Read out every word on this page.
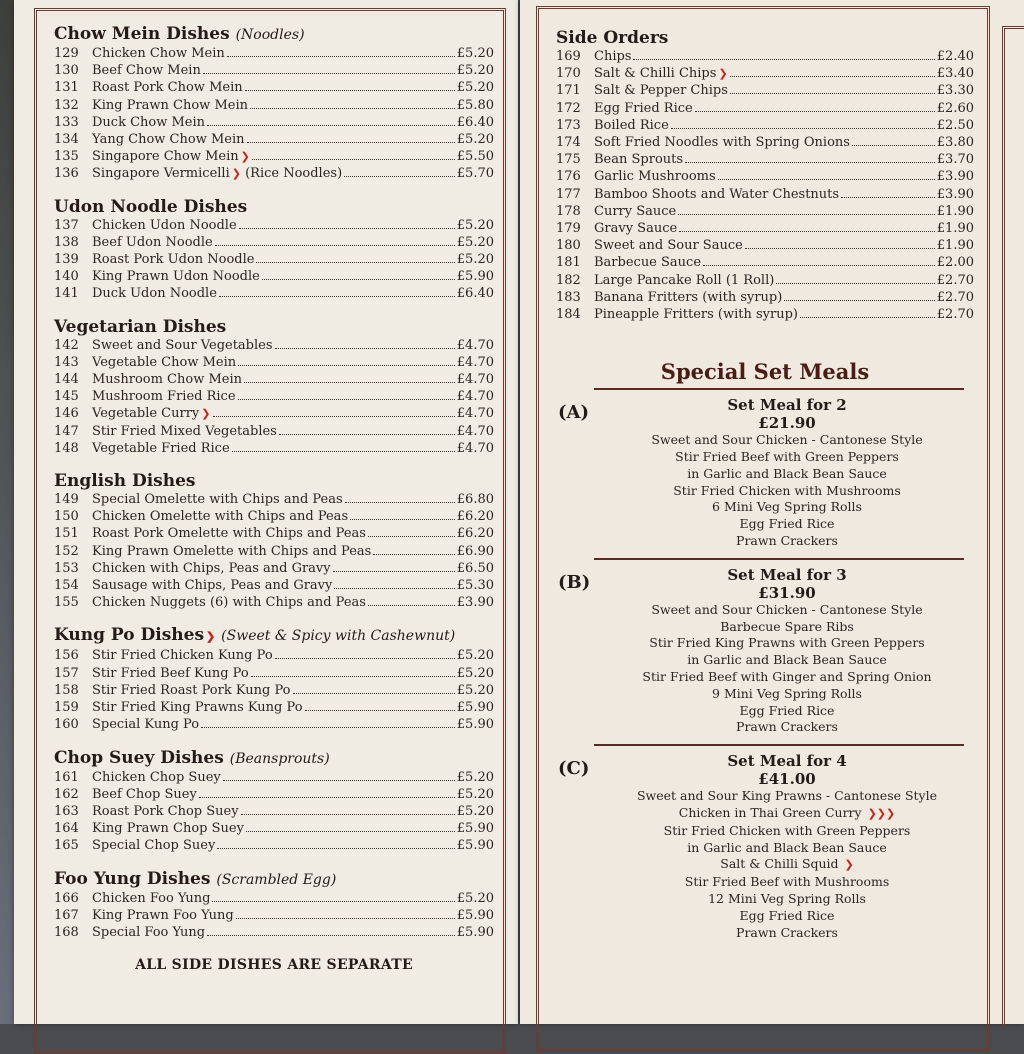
Chow Mein Dishes (Noodles)
129	Chicken Chow Mein	£5.20
130	Beef Chow Mein	£5.20
131	Roast Pork Chow Mein	£5.20
132	King Prawn Chow Mein	£5.80
133	Duck Chow Mein	£6.40
134	Yang Chow Chow Mein	£5.20
135	Singapore Chow Mein ❯	£5.50
136	Singapore Vermicelli ❯ (Rice Noodles)	£5.70
Udon Noodle Dishes
137	Chicken Udon Noodle	£5.20
138	Beef Udon Noodle	£5.20
139	Roast Pork Udon Noodle	£5.20
140	King Prawn Udon Noodle	£5.90
141	Duck Udon Noodle	£6.40
Vegetarian Dishes
142	Sweet and Sour Vegetables	£4.70
143	Vegetable Chow Mein	£4.70
144	Mushroom Chow Mein	£4.70
145	Mushroom Fried Rice	£4.70
146	Vegetable Curry ❯	£4.70
147	Stir Fried Mixed Vegetables	£4.70
148	Vegetable Fried Rice	£4.70
English Dishes
149	Special Omelette with Chips and Peas	£6.80
150	Chicken Omelette with Chips and Peas	£6.20
151	Roast Pork Omelette with Chips and Peas	£6.20
152	King Prawn Omelette with Chips and Peas	£6.90
153	Chicken with Chips, Peas and Gravy	£6.50
154	Sausage with Chips, Peas and Gravy	£5.30
155	Chicken Nuggets (6) with Chips and Peas	£3.90
Kung Po Dishes ❯ (Sweet & Spicy with Cashewnut)
156	Stir Fried Chicken Kung Po	£5.20
157	Stir Fried Beef Kung Po	£5.20
158	Stir Fried Roast Pork Kung Po	£5.20
159	Stir Fried King Prawns Kung Po	£5.90
160	Special Kung Po	£5.90
Chop Suey Dishes (Beansprouts)
161	Chicken Chop Suey	£5.20
162	Beef Chop Suey	£5.20
163	Roast Pork Chop Suey	£5.20
164	King Prawn Chop Suey	£5.90
165	Special Chop Suey	£5.90
Foo Yung Dishes (Scrambled Egg)
166	Chicken Foo Yung	£5.20
167	King Prawn Foo Yung	£5.90
168	Special Foo Yung	£5.90
ALL SIDE DISHES ARE SEPARATE
Side Orders
169	Chips	£2.40
170	Salt & Chilli Chips ❯	£3.40
171	Salt & Pepper Chips	£3.30
172	Egg Fried Rice	£2.60
173	Boiled Rice	£2.50
174	Soft Fried Noodles with Spring Onions	£3.80
175	Bean Sprouts	£3.70
176	Garlic Mushrooms	£3.90
177	Bamboo Shoots and Water Chestnuts	£3.90
178	Curry Sauce	£1.90
179	Gravy Sauce	£1.90
180	Sweet and Sour Sauce	£1.90
181	Barbecue Sauce	£2.00
182	Large Pancake Roll (1 Roll)	£2.70
183	Banana Fritters (with syrup)	£2.70
184	Pineapple Fritters (with syrup)	£2.70
Special Set Meals
(A)	Set Meal for 2
£21.90
Sweet and Sour Chicken - Cantonese Style
Stir Fried Beef with Green Peppers
in Garlic and Black Bean Sauce
Stir Fried Chicken with Mushrooms
6 Mini Veg Spring Rolls
Egg Fried Rice
Prawn Crackers
(B)	Set Meal for 3
£31.90
Sweet and Sour Chicken - Cantonese Style
Barbecue Spare Ribs
Stir Fried King Prawns with Green Peppers
in Garlic and Black Bean Sauce
Stir Fried Beef with Ginger and Spring Onion
9 Mini Veg Spring Rolls
Egg Fried Rice
Prawn Crackers
(C)	Set Meal for 4
£41.00
Sweet and Sour King Prawns - Cantonese Style
Chicken in Thai Green Curry ❯❯❯
Stir Fried Chicken with Green Peppers
in Garlic and Black Bean Sauce
Salt & Chilli Squid ❯
Stir Fried Beef with Mushrooms
12 Mini Veg Spring Rolls
Egg Fried Rice
Prawn Crackers
